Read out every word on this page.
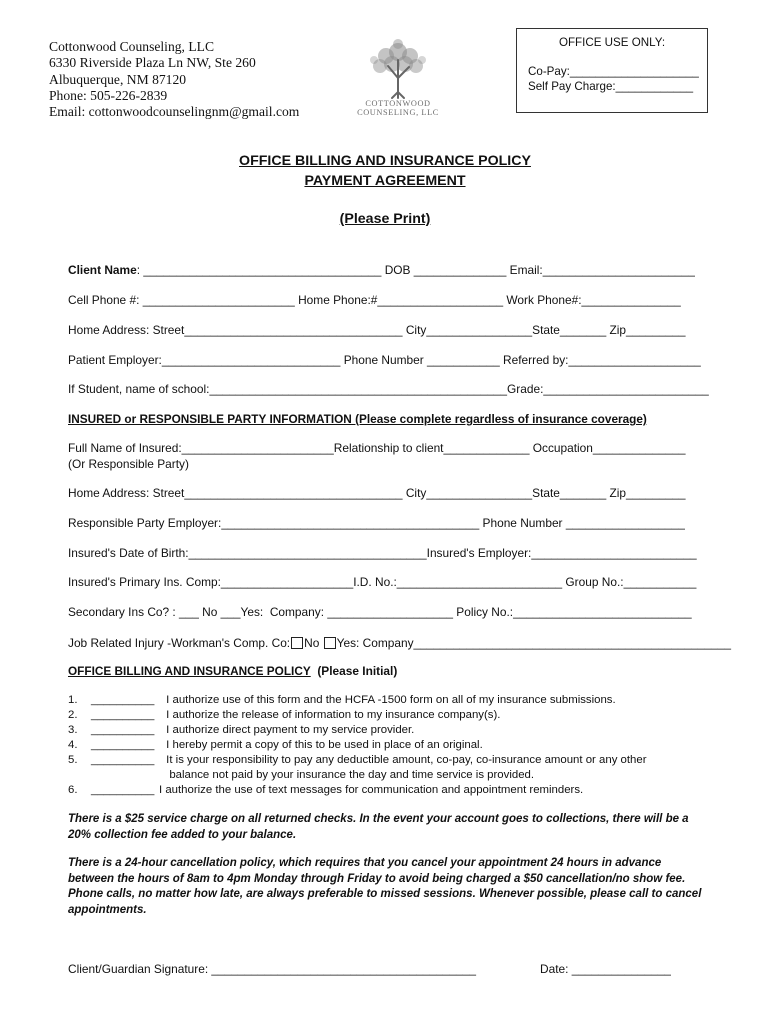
Cottonwood Counseling, LLC
6330 Riverside Plaza Ln NW, Ste 260
Albuquerque, NM 87120
Phone: 505-226-2839
Email: cottonwoodcounselingnm@gmail.com
COTTONWOOD
COUNSELING, LLC
OFFICE USE ONLY:
Co-Pay:____________________
Self Pay Charge:____________
OFFICE BILLING AND INSURANCE POLICY
PAYMENT AGREEMENT
(Please Print)
Client Name: ____________________________________ DOB ______________ Email:_______________________
Cell Phone #: _______________________ Home Phone:#___________________ Work Phone#:_______________
Home Address: Street_________________________________ City________________State_______ Zip_________
Patient Employer:___________________________ Phone Number ___________ Referred by:____________________
If Student, name of school:_____________________________________________Grade:_________________________
INSURED or RESPONSIBLE PARTY INFORMATION (Please complete regardless of insurance coverage)
Full Name of Insured:_______________________Relationship to client_____________ Occupation______________
(Or Responsible Party)
Home Address: Street_________________________________ City________________State_______ Zip_________
Responsible Party Employer:_______________________________________ Phone Number __________________
Insured's Date of Birth:____________________________________Insured's Employer:_________________________
Insured's Primary Ins. Comp:____________________I.D. No.:_________________________ Group No.:___________
Secondary Ins Co? : ___ No ___Yes:  Company: ___________________ Policy No.:___________________________
Job Related Injury -Workman's Comp. Co: No Yes: Company________________________________________________
OFFICE BILLING AND INSURANCE POLICY  (Please Initial)
1.	__________ I authorize use of this form and the HCFA -1500 form on all of my insurance submissions.
2.	__________ I authorize the release of information to my insurance company(s).
3.	__________ I authorize direct payment to my service provider.
4.	__________ I hereby permit a copy of this to be used in place of an original.
5.	__________ It is your responsibility to pay any deductible amount, co-pay, co-insurance amount or any other
balance not paid by your insurance the day and time service is provided.
6.	__________ I authorize the use of text messages for communication and appointment reminders.
There is a $25 service charge on all returned checks. In the event your account goes to collections, there will be a 20% collection fee added to your balance.
There is a 24-hour cancellation policy, which requires that you cancel your appointment 24 hours in advance between the hours of 8am to 4pm Monday through Friday to avoid being charged a $50 cancellation/no show fee. Phone calls, no matter how late, are always preferable to missed sessions. Whenever possible, please call to cancel appointments.
Client/Guardian Signature: ________________________________________	Date: _______________
